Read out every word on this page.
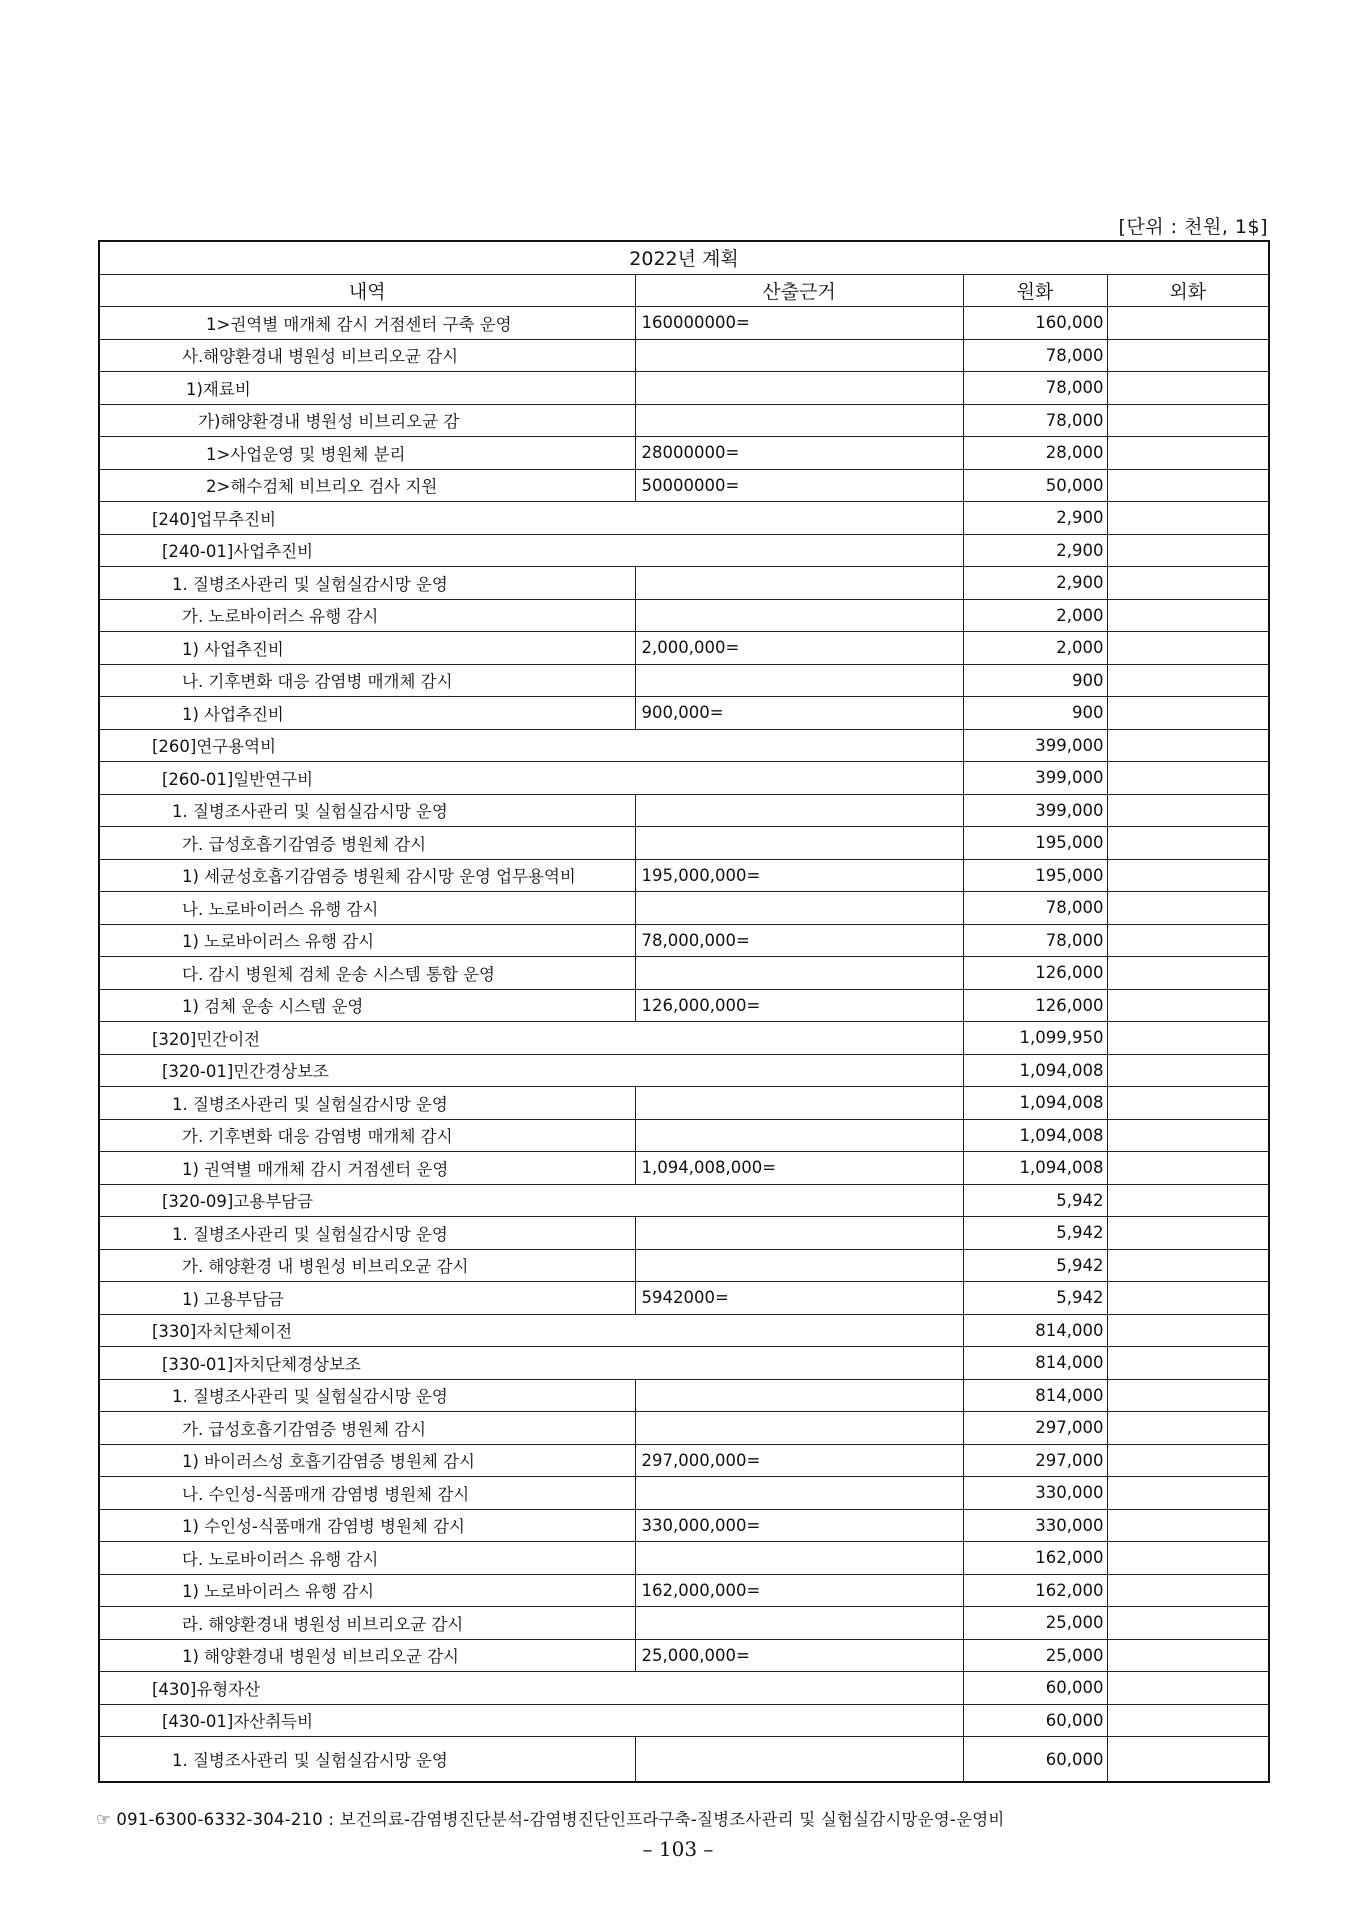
[단위 : 천원, 1$]
2022년 계획			
내역	산출근거	원화	외화
1>권역별 매개체 감시 거점센터 구축 운영	160000000=	160,000	
사.해양환경내 병원성 비브리오균 감시		78,000	
1)재료비		78,000	
가)해양환경내 병원성 비브리오균 감		78,000	
1>사업운영 및 병원체 분리	28000000=	28,000	
2>해수검체 비브리오 검사 지원	50000000=	50,000	
[240]업무추진비		2,900	
[240-01]사업추진비		2,900	
1. 질병조사관리 및 실험실감시망 운영		2,900	
가. 노로바이러스 유행 감시		2,000	
1) 사업추진비	2,000,000=	2,000	
나. 기후변화 대응 감염병 매개체 감시		900	
1) 사업추진비	900,000=	900	
[260]연구용역비		399,000	
[260-01]일반연구비		399,000	
1. 질병조사관리 및 실험실감시망 운영		399,000	
가. 급성호흡기감염증 병원체 감시		195,000	
1) 세균성호흡기감염증 병원체 감시망 운영 업무용역비	195,000,000=	195,000	
나. 노로바이러스 유행 감시		78,000	
1) 노로바이러스 유행 감시	78,000,000=	78,000	
다. 감시 병원체 검체 운송 시스템 통합 운영		126,000	
1) 검체 운송 시스템 운영	126,000,000=	126,000	
[320]민간이전		1,099,950	
[320-01]민간경상보조		1,094,008	
1. 질병조사관리 및 실험실감시망 운영		1,094,008	
가. 기후변화 대응 감염병 매개체 감시		1,094,008	
1) 권역별 매개체 감시 거점센터 운영	1,094,008,000=	1,094,008	
[320-09]고용부담금		5,942	
1. 질병조사관리 및 실험실감시망 운영		5,942	
가. 해양환경 내 병원성 비브리오균 감시		5,942	
1) 고용부담금	5942000=	5,942	
[330]자치단체이전		814,000	
[330-01]자치단체경상보조		814,000	
1. 질병조사관리 및 실험실감시망 운영		814,000	
가. 급성호흡기감염증 병원체 감시		297,000	
1) 바이러스성 호흡기감염증 병원체 감시	297,000,000=	297,000	
나. 수인성-식품매개 감염병 병원체 감시		330,000	
1) 수인성-식품매개 감염병 병원체 감시	330,000,000=	330,000	
다. 노로바이러스 유행 감시		162,000	
1) 노로바이러스 유행 감시	162,000,000=	162,000	
라. 해양환경내 병원성 비브리오균 감시		25,000	
1) 해양환경내 병원성 비브리오균 감시	25,000,000=	25,000	
[430]유형자산		60,000	
[430-01]자산취득비		60,000	
1. 질병조사관리 및 실험실감시망 운영		60,000	
☞ 091-6300-6332-304-210 : 보건의료-감염병진단분석-감염병진단인프라구축-질병조사관리 및 실험실감시망운영-운영비
– 103 –
